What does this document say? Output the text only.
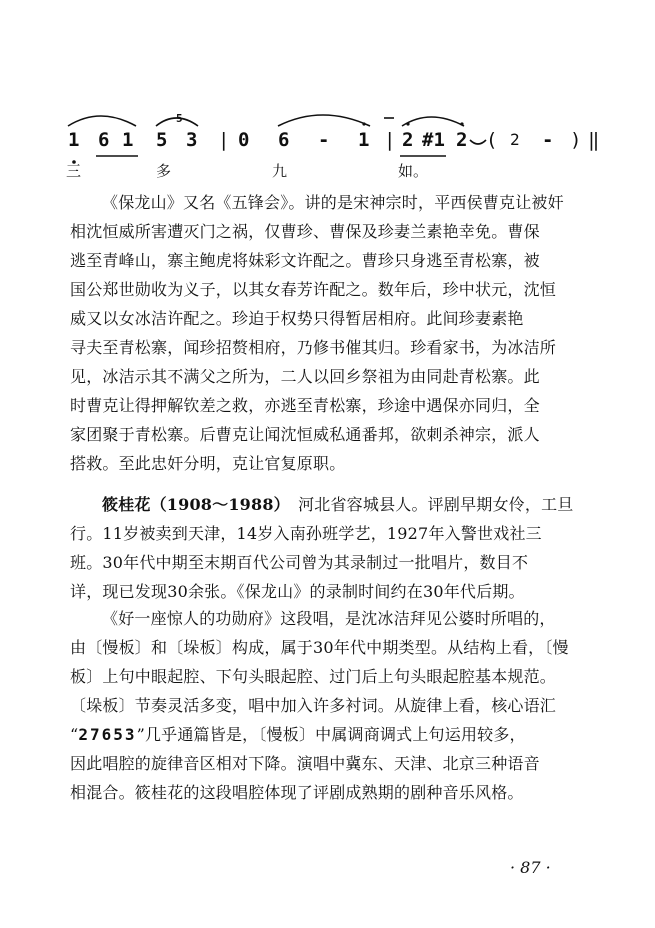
5
1 6 1 5 3 | 0 6 - 1 | 2 #1 2 ( 2 - ) ‖
三	多	九	如。
《保龙山》又名《五锋会》。讲的是宋神宗时，平西侯曹克让被奸
相沈恒威所害遭灭门之祸，仅曹珍、曹保及珍妻兰素艳幸免。曹保
逃至青峰山，寨主鲍虎将妹彩文许配之。曹珍只身逃至青松寨，被
国公郑世勋收为义子，以其女春芳许配之。数年后，珍中状元，沈恒
威又以女冰洁许配之。珍迫于权势只得暂居相府。此间珍妻素艳
寻夫至青松寨，闻珍招赘相府，乃修书催其归。珍看家书，为冰洁所
见，冰洁示其不满父之所为，二人以回乡祭祖为由同赴青松寨。此
时曹克让得押解钦差之救，亦逃至青松寨，珍途中遇保亦同归，全
家团聚于青松寨。后曹克让闻沈恒威私通番邦，欲刺杀神宗，派人
搭救。至此忠奸分明，克让官复原职。
筱桂花（1908～1988）　河北省容城县人。评剧早期女伶，工旦
行。11岁被卖到天津，14岁入南孙班学艺，1927年入警世戏社三
班。30年代中期至末期百代公司曾为其录制过一批唱片，数目不
详，现已发现30余张。《保龙山》的录制时间约在30年代后期。
《好一座惊人的功勋府》这段唱，是沈冰洁拜见公婆时所唱的，
由〔慢板〕和〔垛板〕构成，属于30年代中期类型。从结构上看，〔慢
板〕上句中眼起腔、下句头眼起腔、过门后上句头眼起腔基本规范。
〔垛板〕节奏灵活多变，唱中加入许多衬词。从旋律上看，核心语汇
“27653”几乎通篇皆是，〔慢板〕中属调商调式上句运用较多，
因此唱腔的旋律音区相对下降。演唱中冀东、天津、北京三种语音
相混合。筱桂花的这段唱腔体现了评剧成熟期的剧种音乐风格。
· 87 ·
